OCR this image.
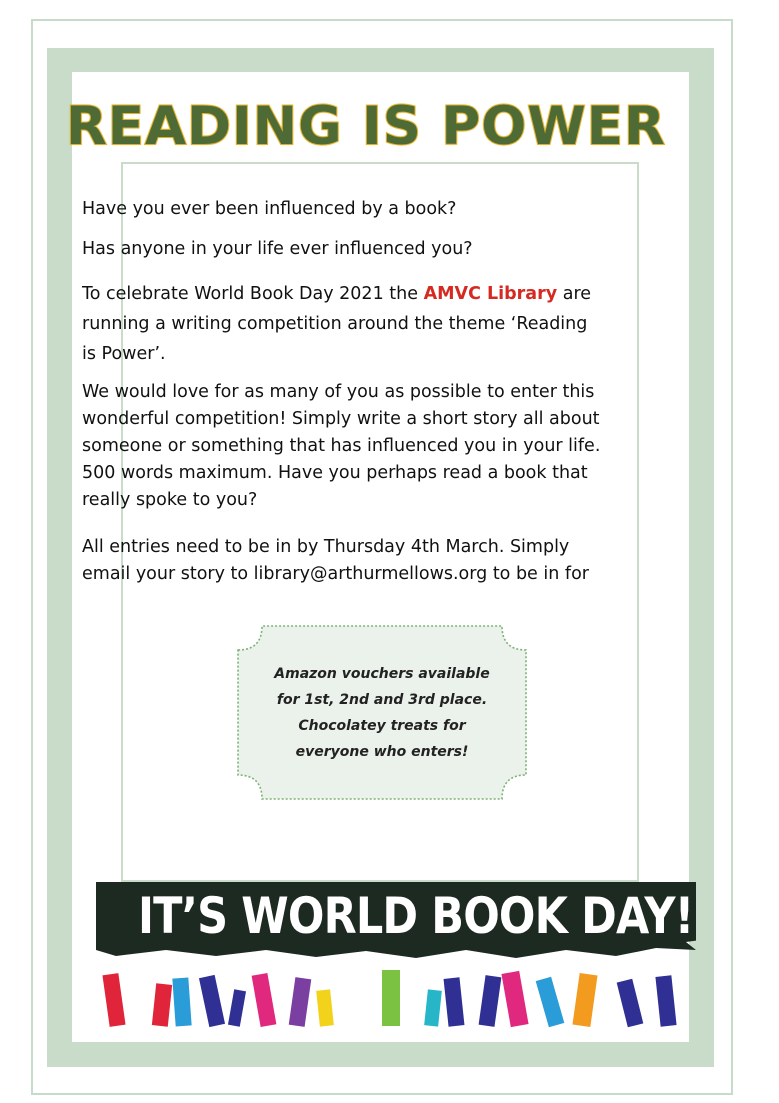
READING IS POWER

Have you ever been influenced by a book?

Has anyone in your life ever influenced you?

To celebrate World Book Day 2021 the AMVC Library are

running a writing competition around the theme ‘Reading

is Power’.

We would love for as many of you as possible to enter this

wonderful competition! Simply write a short story all about

someone or something that has influenced you in your life.

500 words maximum. Have you perhaps read a book that

really spoke to you?

All entries need to be in by Thursday 4th March. Simply

email your story to library@arthurmellows.org to be in for

Amazon vouchers available
for 1st, 2nd and 3rd place.
Chocolatey treats for
everyone who enters!
IT’S WORLD BOOK DAY!
